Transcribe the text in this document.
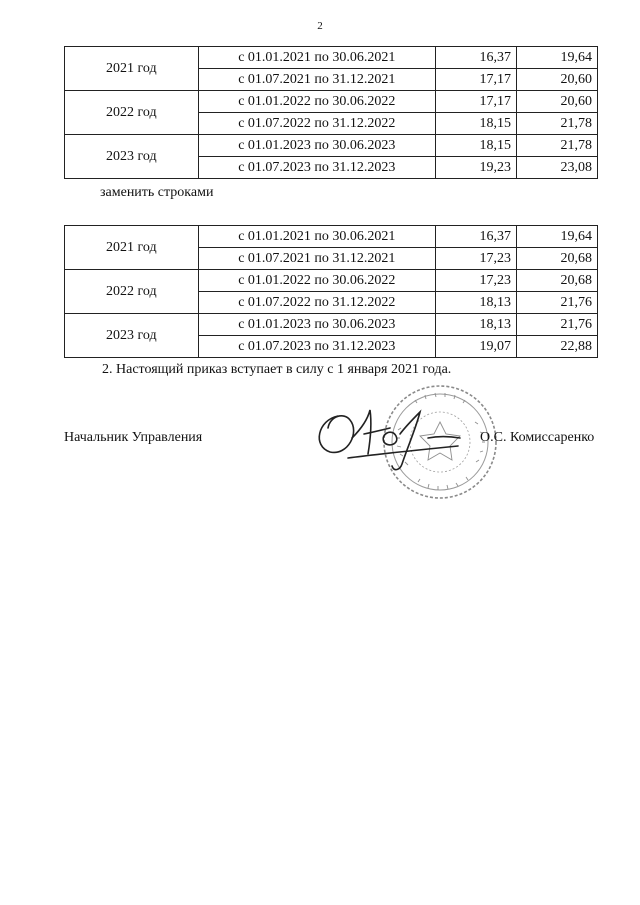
2
2021 год	с 01.01.2021 по 30.06.2021	16,37	19,64
	с 01.07.2021 по 31.12.2021	17,17	20,60
2022 год	с 01.01.2022 по 30.06.2022	17,17	20,60
	с 01.07.2022 по 31.12.2022	18,15	21,78
2023 год	с 01.01.2023 по 30.06.2023	18,15	21,78
	с 01.07.2023 по 31.12.2023	19,23	23,08
заменить строками
2021 год	с 01.01.2021 по 30.06.2021	16,37	19,64
	с 01.07.2021 по 31.12.2021	17,23	20,68
2022 год	с 01.01.2022 по 30.06.2022	17,23	20,68
	с 01.07.2022 по 31.12.2022	18,13	21,76
2023 год	с 01.01.2023 по 30.06.2023	18,13	21,76
	с 01.07.2023 по 31.12.2023	19,07	22,88
2. Настоящий приказ вступает в силу с 1 января 2021 года.
Начальник Управления	О.С. Комиссаренко
